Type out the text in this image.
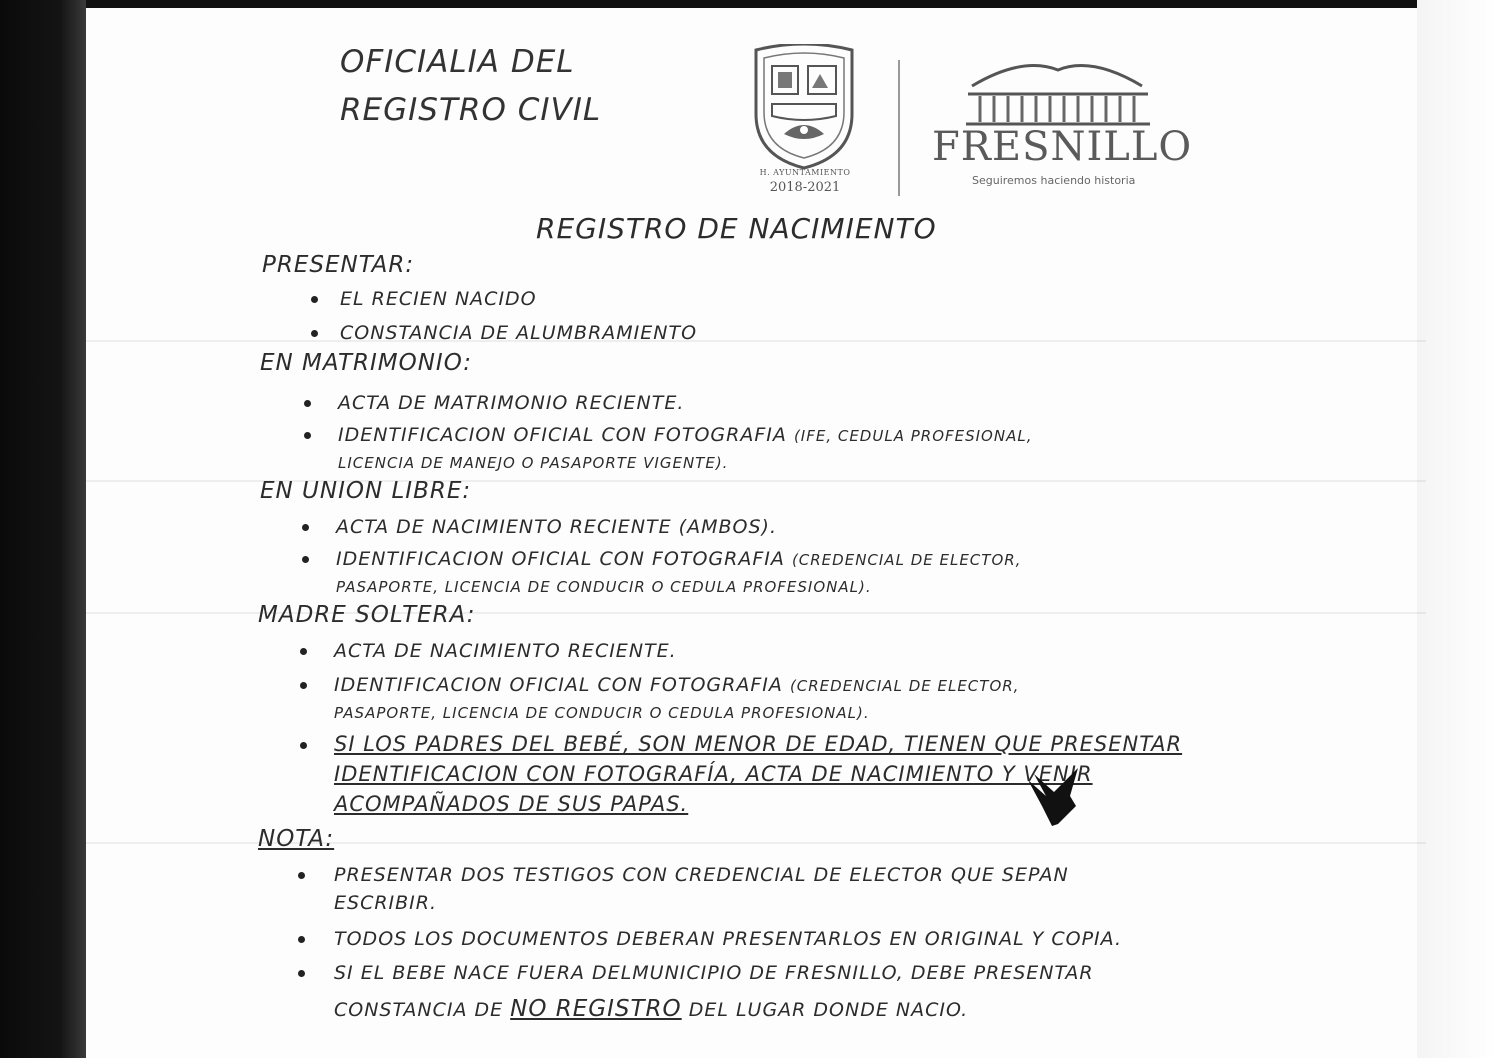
OFICIALIA DEL
REGISTRO CIVIL
H. AYUNTAMIENTO
2018-2021
FRESNILLO
Seguiremos haciendo historia
REGISTRO DE NACIMIENTO
PRESENTAR:
EL RECIEN NACIDO
CONSTANCIA DE ALUMBRAMIENTO
EN MATRIMONIO:
ACTA DE MATRIMONIO RECIENTE.
IDENTIFICACION OFICIAL CON FOTOGRAFIA (IFE, CEDULA PROFESIONAL,
LICENCIA DE MANEJO O PASAPORTE VIGENTE).
EN UNION LIBRE:
ACTA DE NACIMIENTO RECIENTE (AMBOS).
IDENTIFICACION OFICIAL CON FOTOGRAFIA (CREDENCIAL DE ELECTOR,
PASAPORTE, LICENCIA DE CONDUCIR O CEDULA PROFESIONAL).
MADRE SOLTERA:
ACTA DE NACIMIENTO RECIENTE.
IDENTIFICACION OFICIAL CON FOTOGRAFIA (CREDENCIAL DE ELECTOR,
PASAPORTE, LICENCIA DE CONDUCIR O CEDULA PROFESIONAL).
SI LOS PADRES DEL BEBÉ, SON MENOR DE EDAD, TIENEN QUE PRESENTAR
IDENTIFICACION CON FOTOGRAFÍA, ACTA DE NACIMIENTO Y VENIR
ACOMPAÑADOS DE SUS PAPAS.
NOTA:
PRESENTAR DOS TESTIGOS CON CREDENCIAL DE ELECTOR QUE SEPAN
ESCRIBIR.
TODOS LOS DOCUMENTOS DEBERAN PRESENTARLOS EN ORIGINAL Y COPIA.
SI EL BEBE NACE FUERA DELMUNICIPIO DE FRESNILLO, DEBE PRESENTAR
CONSTANCIA DE NO REGISTRO DEL LUGAR DONDE NACIO.
